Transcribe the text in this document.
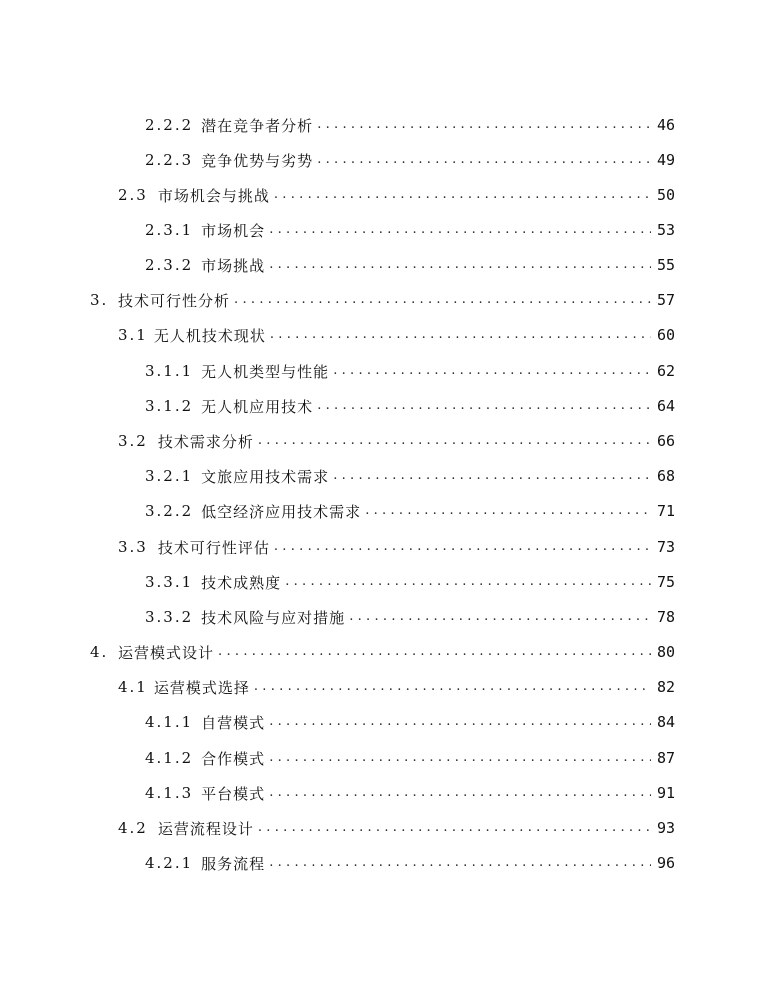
2.2.2 潜在竞争者分析 .....	46
2.2.3 竞争优势与劣势 .....	49
2.3 市场机会与挑战 .....	50
2.3.1 市场机会 .....	53
2.3.2 市场挑战 .....	55
3. 技术可行性分析 .....	57
3.1 无人机技术现状 .....	60
3.1.1 无人机类型与性能 .....	62
3.1.2 无人机应用技术 .....	64
3.2 技术需求分析 .....	66
3.2.1 文旅应用技术需求 .....	68
3.2.2 低空经济应用技术需求 .....	71
3.3 技术可行性评估 .....	73
3.3.1 技术成熟度 .....	75
3.3.2 技术风险与应对措施 .....	78
4. 运营模式设计 .....	80
4.1 运营模式选择 .....	82
4.1.1 自营模式 .....	84
4.1.2 合作模式 .....	87
4.1.3 平台模式 .....	91
4.2 运营流程设计 .....	93
4.2.1 服务流程 .....	96
